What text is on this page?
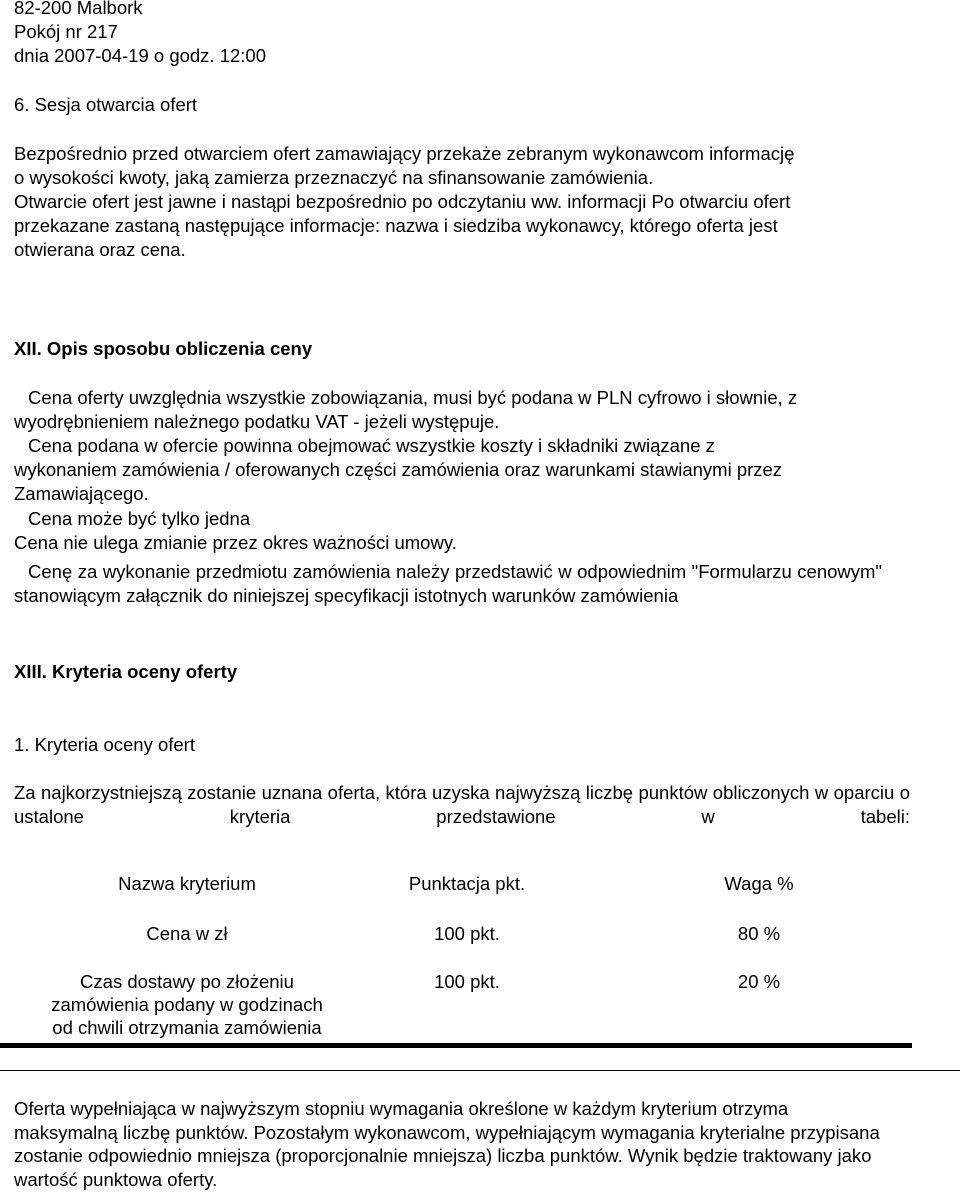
82-200 Malbork
Pokój nr 217
dnia 2007-04-19 o godz. 12:00
6. Sesja otwarcia ofert
Bezpośrednio przed otwarciem ofert zamawiający przekaże zebranym wykonawcom informację
o wysokości kwoty, jaką zamierza przeznaczyć na sfinansowanie zamówienia.
Otwarcie ofert jest jawne i nastąpi bezpośrednio po odczytaniu ww. informacji Po otwarciu ofert
przekazane zastaną następujące informacje: nazwa i siedziba wykonawcy, którego oferta jest
otwierana oraz cena.
XII. Opis sposobu obliczenia ceny
Cena oferty uwzględnia wszystkie zobowiązania, musi być podana w PLN cyfrowo i słownie, z
wyodrębnieniem należnego podatku VAT - jeżeli występuje.
Cena podana w ofercie powinna obejmować wszystkie koszty i składniki związane z
wykonaniem zamówienia / oferowanych części zamówienia oraz warunkami stawianymi przez
Zamawiającego.
Cena może być tylko jedna
Cena nie ulega zmianie przez okres ważności umowy.
Cenę za wykonanie przedmiotu zamówienia należy przedstawić w odpowiednim "Formularzu cenowym" stanowiącym załącznik do niniejszej specyfikacji istotnych warunków zamówienia
XIII. Kryteria oceny oferty
1. Kryteria oceny ofert
Za najkorzystniejszą zostanie uznana oferta, która uzyska najwyższą liczbę punktów obliczonych w oparciu o ustalone kryteria przedstawione w tabeli:
Nazwa kryterium	Punktacja pkt.	Waga %
Cena w zł	100 pkt.	80 %
Czas dostawy po złożeniu zamówienia podany w godzinach od chwili otrzymania zamówienia	100 pkt.	20 %
Oferta wypełniająca w najwyższym stopniu wymagania określone w każdym kryterium otrzyma maksymalną liczbę punktów. Pozostałym wykonawcom, wypełniającym wymagania kryterialne przypisana zostanie odpowiednio mniejsza (proporcjonalnie mniejsza) liczba punktów. Wynik będzie traktowany jako wartość punktowa oferty.
